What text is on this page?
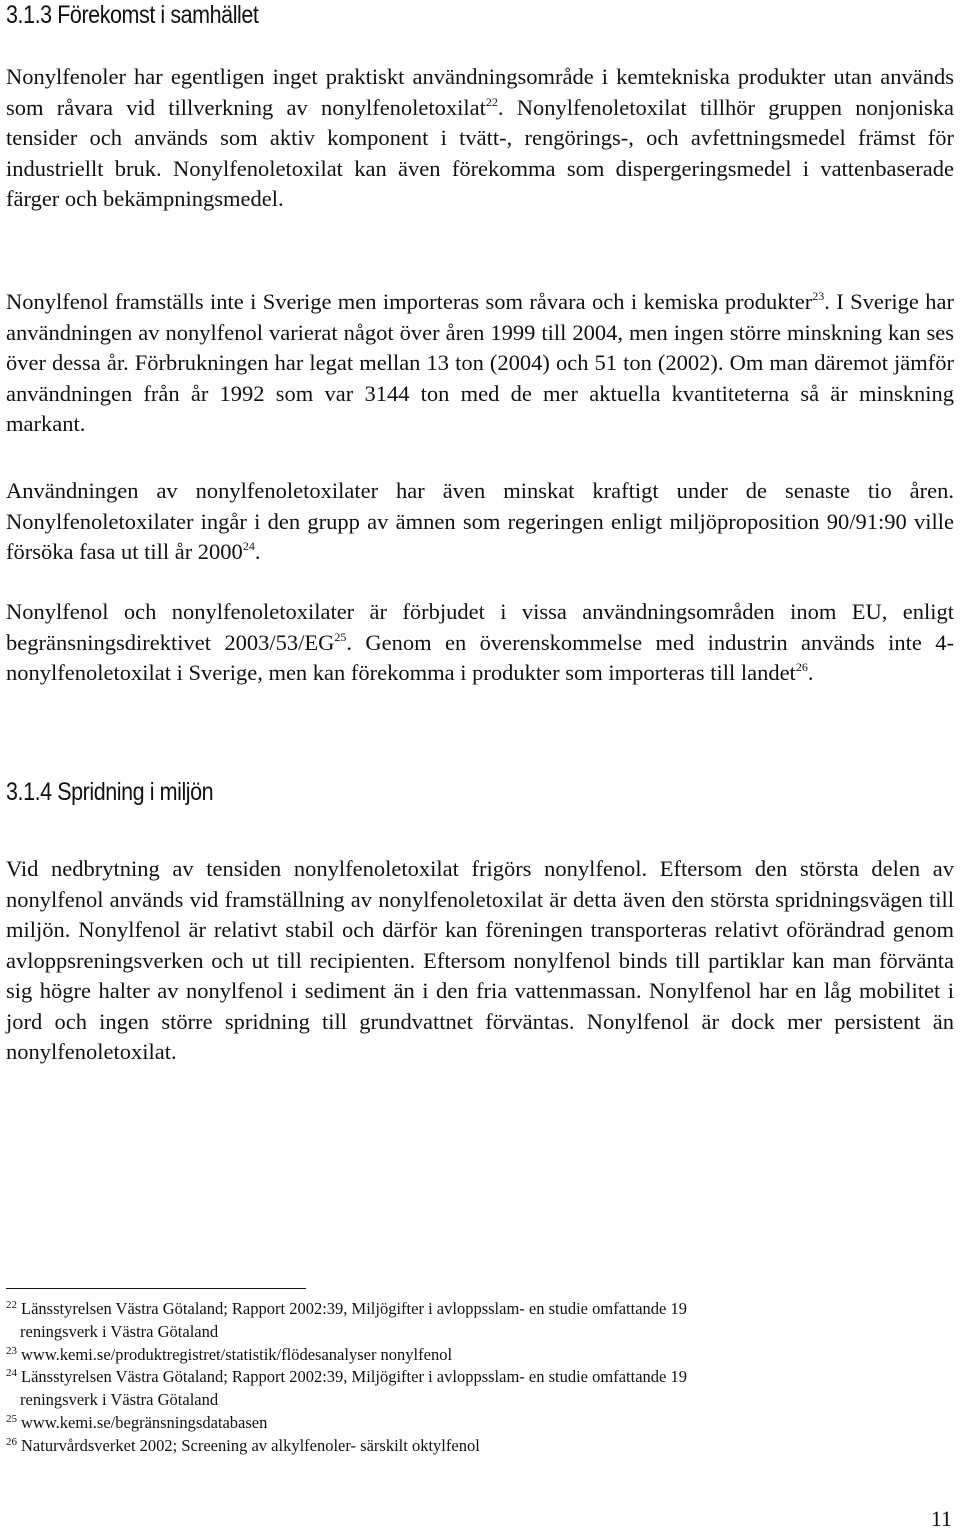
3.1.3 Förekomst i samhället

Nonylfenoler har egentligen inget praktiskt användningsområde i kemtekniska produkter utan används som råvara vid tillverkning av nonylfenoletoxilat$^{22}$. Nonylfenoletoxilat tillhör gruppen nonjoniska tensider och används som aktiv komponent i tvätt-, rengörings-, och avfettningsmedel främst för industriellt bruk. Nonylfenoletoxilat kan även förekomma som dispergeringsmedel i vattenbaserade färger och bekämpningsmedel.

Nonylfenol framställs inte i Sverige men importeras som råvara och i kemiska produkter$^{23}$. I Sverige har användningen av nonylfenol varierat något över åren 1999 till 2004, men ingen större minskning kan ses över dessa år. Förbrukningen har legat mellan 13 ton (2004) och 51 ton (2002). Om man däremot jämför användningen från år 1992 som var 3144 ton med de mer aktuella kvantiteterna så är minskning markant.

Användningen av nonylfenoletoxilater har även minskat kraftigt under de senaste tio åren. Nonylfenoletoxilater ingår i den grupp av ämnen som regeringen enligt miljöproposition 90/91:90 ville försöka fasa ut till år 2000$^{24}$.

Nonylfenol och nonylfenoletoxilater är förbjudet i vissa användningsområden inom EU, enligt begränsningsdirektivet 2003/53/EG$^{25}$. Genom en överenskommelse med industrin används inte 4-nonylfenoletoxilat i Sverige, men kan förekomma i produkter som importeras till landet$^{26}$.

3.1.4 Spridning i miljön

Vid nedbrytning av tensiden nonylfenoletoxilat frigörs nonylfenol. Eftersom den största delen av nonylfenol används vid framställning av nonylfenoletoxilat är detta även den största spridningsvägen till miljön. Nonylfenol är relativt stabil och därför kan föreningen transporteras relativt oförändrad genom avloppsreningsverken och ut till recipienten. Eftersom nonylfenol binds till partiklar kan man förvänta sig högre halter av nonylfenol i sediment än i den fria vattenmassan. Nonylfenol har en låg mobilitet i jord och ingen större spridning till grundvattnet förväntas. Nonylfenol är dock mer persistent än nonylfenoletoxilat.

$^{22}$ Länsstyrelsen Västra Götaland; Rapport 2002:39, Miljögifter i avloppsslam- en studie omfattande 19
reningsverk i Västra Götaland

$^{23}$ www.kemi.se/produktregistret/statistik/flödesanalyser nonylfenol

$^{24}$ Länsstyrelsen Västra Götaland; Rapport 2002:39, Miljögifter i avloppsslam- en studie omfattande 19
reningsverk i Västra Götaland

$^{25}$ www.kemi.se/begränsningsdatabasen

$^{26}$ Naturvårdsverket 2002; Screening av alkylfenoler- särskilt oktylfenol

11
